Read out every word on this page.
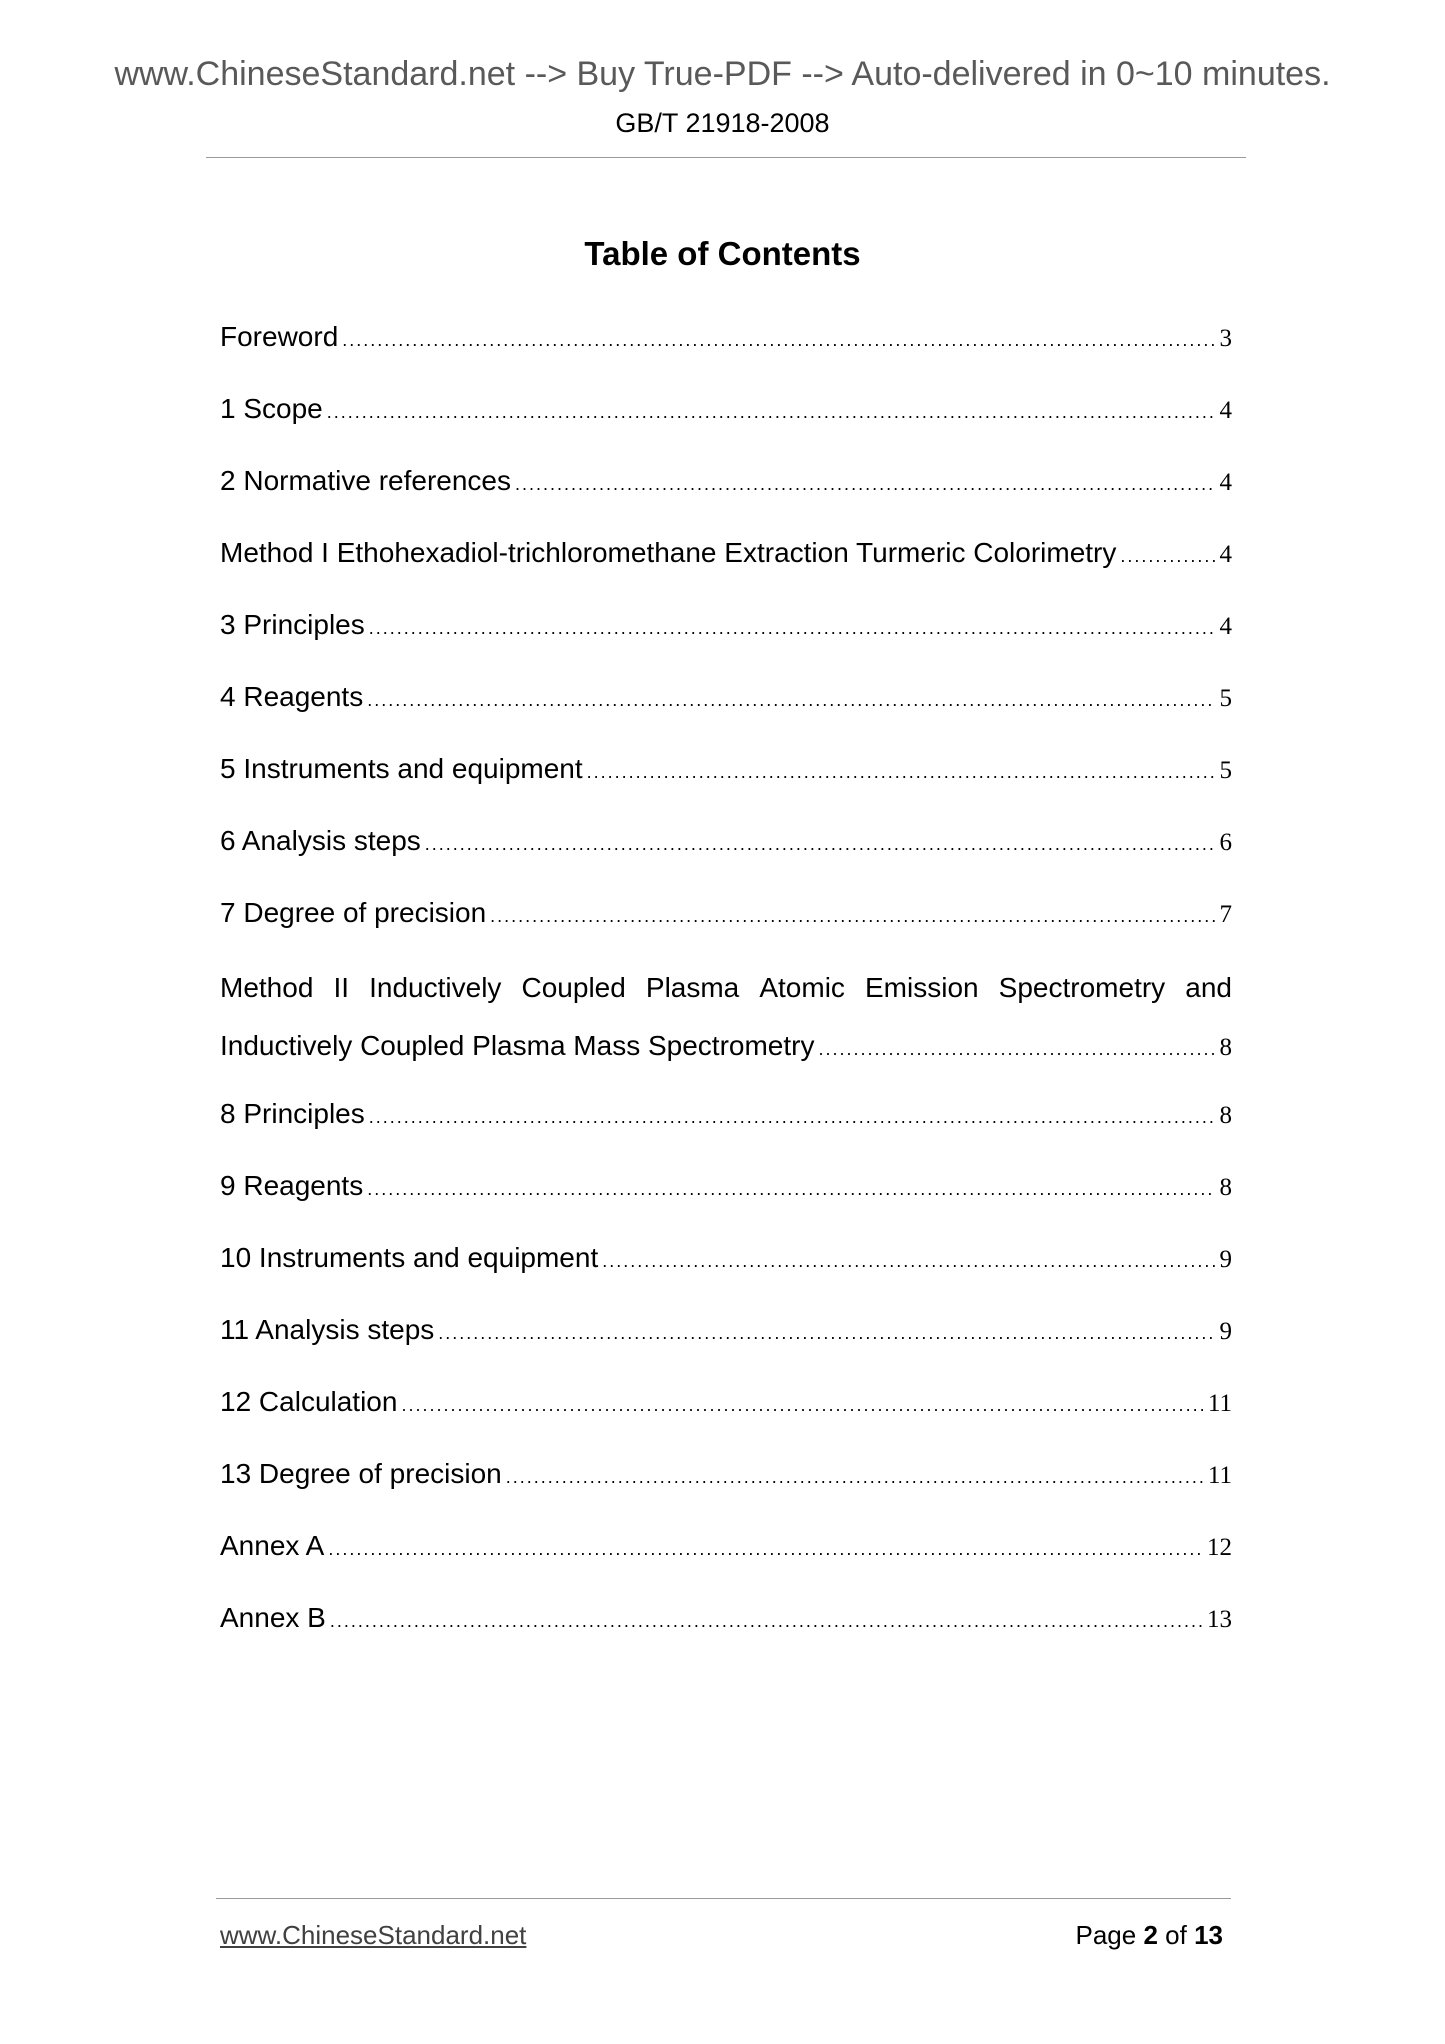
www.ChineseStandard.net --> Buy True-PDF --> Auto-delivered in 0~10 minutes.
GB/T 21918-2008
Table of Contents
Foreword .....	3
1 Scope .....	4
2 Normative references .....	4
Method I Ethohexadiol-trichloromethane Extraction Turmeric Colorimetry .....	4
3 Principles .....	4
4 Reagents .....	5
5 Instruments and equipment .....	5
6 Analysis steps .....	6
7 Degree of precision .....	7
Method II Inductively Coupled Plasma Atomic Emission Spectrometry and
Inductively Coupled Plasma Mass Spectrometry .....	8
8 Principles .....	8
9 Reagents .....	8
10 Instruments and equipment .....	9
11 Analysis steps .....	9
12 Calculation .....	11
13 Degree of precision .....	11
Annex A .....	12
Annex B .....	13
www.ChineseStandard.net	Page 2 of 13
